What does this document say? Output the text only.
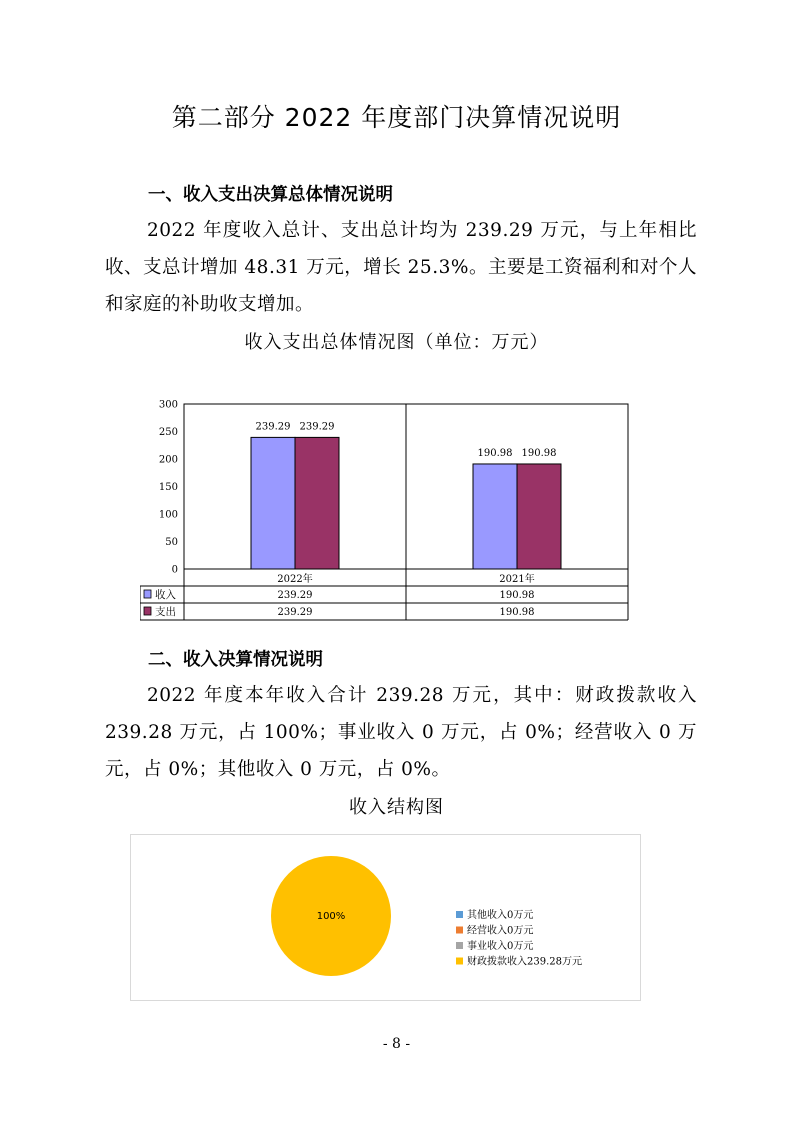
第二部分 2022 年度部门决算情况说明
一、收入支出决算总体情况说明
2022 年度收入总计、支出总计均为 239.29 万元，与上年相比收、支总计增加 48.31 万元，增长 25.3%。主要是工资福利和对个人和家庭的补助收支增加。
收入支出总体情况图（单位：万元）
0
50
100
150
200
250
300
239.29 239.29
190.98 190.98
2022年	2021年
收入	239.29	190.98
支出	239.29	190.98
二、收入决算情况说明
2022 年度本年收入合计 239.28 万元，其中：财政拨款收入 239.28 万元，占 100%；事业收入 0 万元，占 0%；经营收入 0 万元，占 0%；其他收入 0 万元，占 0%。
收入结构图
100%	其他收入0万元
经营收入0万元
事业收入0万元
财政拨款收入239.28万元
- 8 -
